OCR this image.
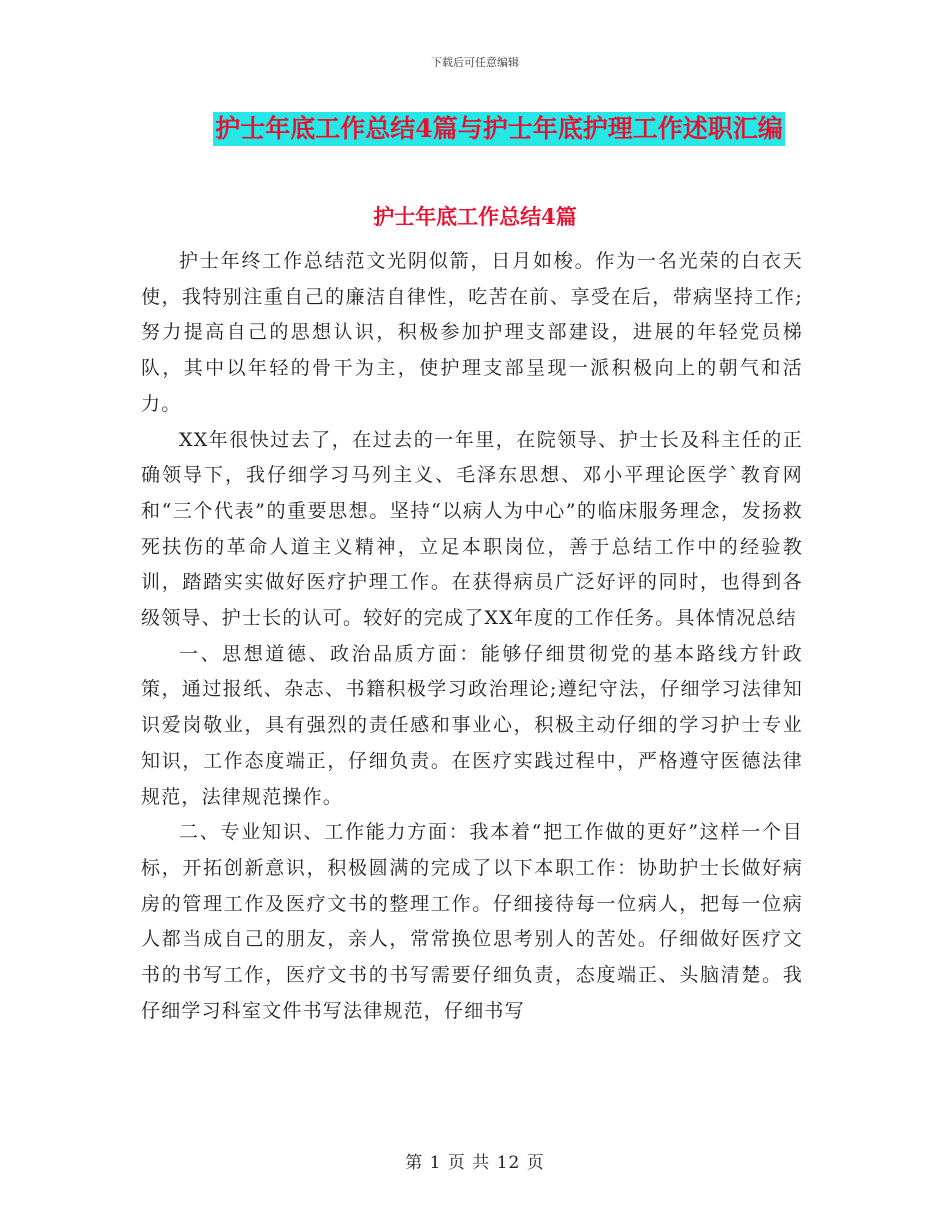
下载后可任意编辑
护士年底工作总结4篇与护士年底护理工作述职汇编
护士年底工作总结4篇

护士年终工作总结范文光阴似箭，日月如梭。作为一名光荣的白衣天使，我特别注重自己的廉洁自律性，吃苦在前、享受在后，带病坚持工作;努力提高自己的思想认识，积极参加护理支部建设，进展的年轻党员梯队，其中以年轻的骨干为主，使护理支部呈现一派积极向上的朝气和活力。

XX年很快过去了，在过去的一年里，在院领导、护士长及科主任的正确领导下，我仔细学习马列主义、毛泽东思想、邓小平理论医学`教育网和“三个代表”的重要思想。坚持“以病人为中心”的临床服务理念，发扬救死扶伤的革命人道主义精神，立足本职岗位，善于总结工作中的经验教训，踏踏实实做好医疗护理工作。在获得病员广泛好评的同时，也得到各级领导、护士长的认可。较好的完成了XX年度的工作任务。具体情况总结

一、思想道德、政治品质方面：能够仔细贯彻党的基本路线方针政策，通过报纸、杂志、书籍积极学习政治理论;遵纪守法，仔细学习法律知识爱岗敬业，具有强烈的责任感和事业心，积极主动仔细的学习护士专业知识，工作态度端正，仔细负责。在医疗实践过程中，严格遵守医德法律规范，法律规范操作。

二、专业知识、工作能力方面：我本着“把工作做的更好”这样一个目标，开拓创新意识，积极圆满的完成了以下本职工作：协助护士长做好病房的管理工作及医疗文书的整理工作。仔细接待每一位病人，把每一位病人都当成自己的朋友，亲人，常常换位思考别人的苦处。仔细做好医疗文书的书写工作，医疗文书的书写需要仔细负责，态度端正、头脑清楚。我仔细学习科室文件书写法律规范，仔细书写

第 1 页 共 12 页
